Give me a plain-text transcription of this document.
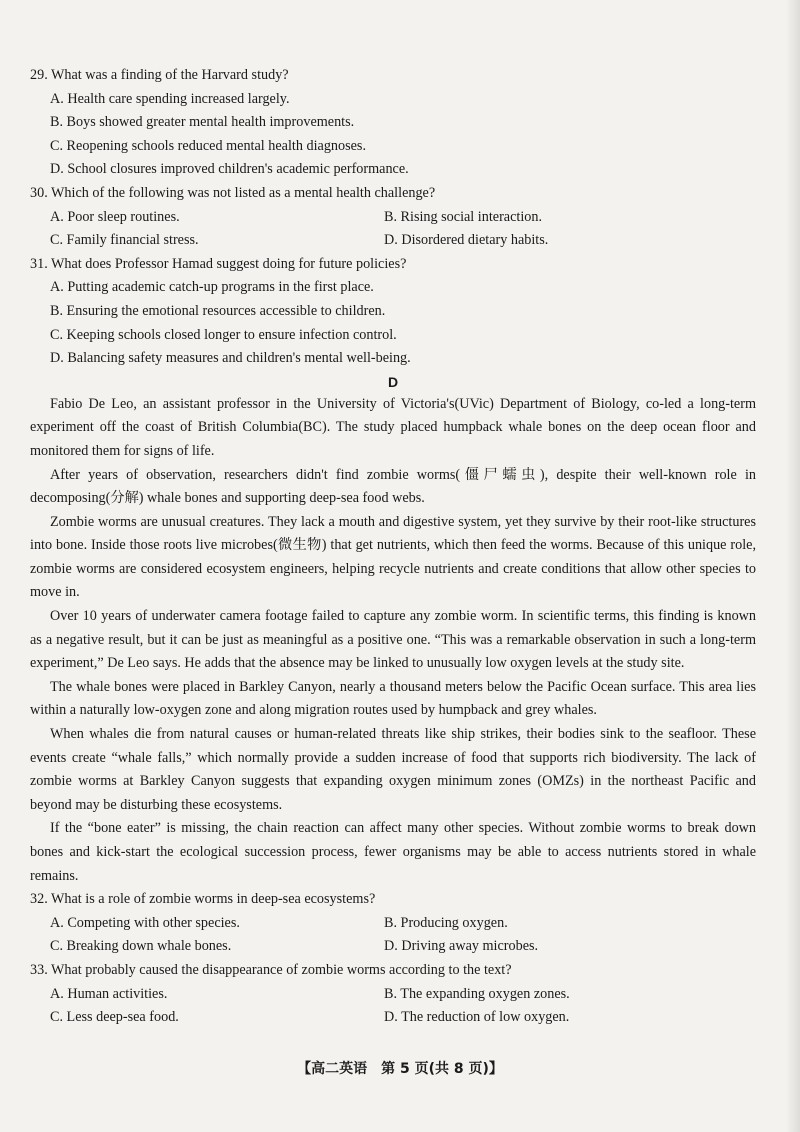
29. What was a finding of the Harvard study?
A. Health care spending increased largely.
B. Boys showed greater mental health improvements.
C. Reopening schools reduced mental health diagnoses.
D. School closures improved children's academic performance.
30. Which of the following was not listed as a mental health challenge?
A. Poor sleep routines.	B. Rising social interaction.
C. Family financial stress.	D. Disordered dietary habits.
31. What does Professor Hamad suggest doing for future policies?
A. Putting academic catch-up programs in the first place.
B. Ensuring the emotional resources accessible to children.
C. Keeping schools closed longer to ensure infection control.
D. Balancing safety measures and children's mental well-being.
D

Fabio De Leo, an assistant professor in the University of Victoria's(UVic) Department of Biology, co-led a long-term experiment off the coast of British Columbia(BC). The study placed humpback whale bones on the deep ocean floor and monitored them for signs of life.

After years of observation, researchers didn't find zombie worms(僵尸蠕虫), despite their well-known role in decomposing(分解) whale bones and supporting deep-sea food webs.

Zombie worms are unusual creatures. They lack a mouth and digestive system, yet they survive by their root-like structures into bone. Inside those roots live microbes(微生物) that get nutrients, which then feed the worms. Because of this unique role, zombie worms are considered ecosystem engineers, helping recycle nutrients and create conditions that allow other species to move in.

Over 10 years of underwater camera footage failed to capture any zombie worm. In scientific terms, this finding is known as a negative result, but it can be just as meaningful as a positive one. “This was a remarkable observation in such a long-term experiment,” De Leo says. He adds that the absence may be linked to unusually low oxygen levels at the study site.

The whale bones were placed in Barkley Canyon, nearly a thousand meters below the Pacific Ocean surface. This area lies within a naturally low-oxygen zone and along migration routes used by humpback and grey whales.

When whales die from natural causes or human-related threats like ship strikes, their bodies sink to the seafloor. These events create “whale falls,” which normally provide a sudden increase of food that supports rich biodiversity. The lack of zombie worms at Barkley Canyon suggests that expanding oxygen minimum zones (OMZs) in the northeast Pacific and beyond may be disturbing these ecosystems.

If the “bone eater” is missing, the chain reaction can affect many other species. Without zombie worms to break down bones and kick-start the ecological succession process, fewer organisms may be able to access nutrients stored in whale remains.

32. What is a role of zombie worms in deep-sea ecosystems?
A. Competing with other species.	B. Producing oxygen.
C. Breaking down whale bones.	D. Driving away microbes.
33. What probably caused the disappearance of zombie worms according to the text?
A. Human activities.	B. The expanding oxygen zones.
C. Less deep-sea food.	D. The reduction of low oxygen.
【高二英语　第 5 页(共 8 页)】
